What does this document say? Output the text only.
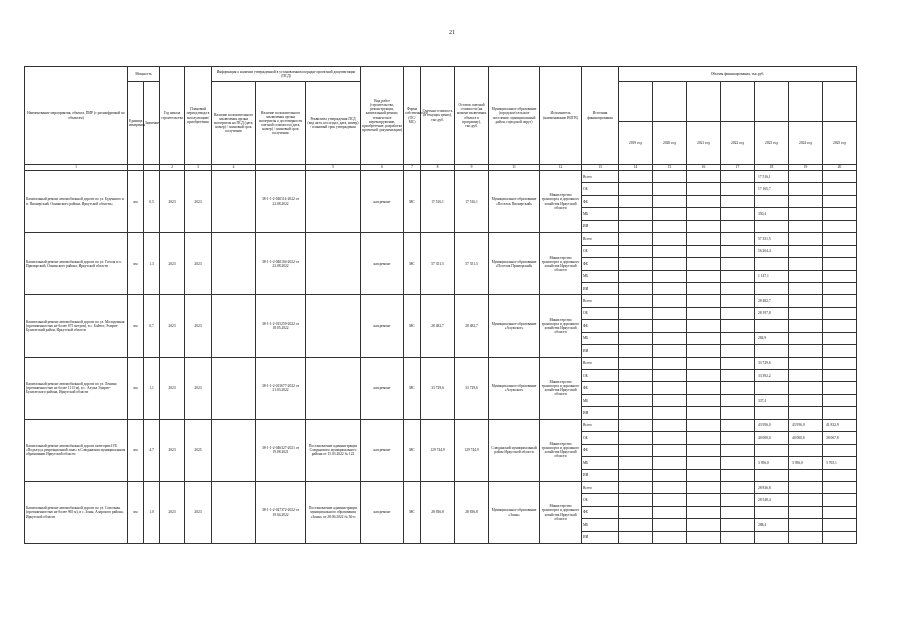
21
Наименование мероприятия, объекта, ПИР (с расшифровкой по объектам)	Мощность		Год начала строительства	Плановый период ввода в эксплуатацию/приобретения	Информация о наличии утвержденной в установленном порядке проектной документации (ПСД)			Вид работ (строительство, реконструкция, капитальный ремонт, техническое перевооружение, приобретение, разработка проектной документации)	Форма собственности (ОС/МС)	Сметная стоимость (в текущих ценах), тыс.руб.	Остаток сметной стоимости (на момент включения объекта в программу), тыс.руб.	Муниципальное образование (городское/сельское поселение, муниципальный район, городской округ)	Исполнитель (наименование ИОГВ)	Источник финансирования	Объемы финансирования, тыс.руб.						
	Единица измерения	Значение			Наличие положительного заключения органа экспертизы на ПСД (дата, номер) / плановый срок получения	Наличие положительного заключения органа экспертизы о достоверности сметной стоимости (дата, номер) / плановый срок получения	Реквизиты утверждения ПСД (вид акта, кто издал, дата, номер) / плановый срок утверждения														
															2019 год	2020 год	2021 год	2022 год	2023 год	2024 год	2025 год
1			2	3	4		5	6	7	8	9	11	12	13	14	15	16	17	18	19	20
Капитальный ремонт автомобильной дороги по ул. Буденного и п. Пионерский, Оснинского района, Иркутской области»	км	0,5	2023	2023		38-1-1-2-040114-2022 от 22.08.2022		кап.ремонт	МС	17 516,1	17 516,1	Муниципальное образование «Поселок Пионерский»	Министерство транспорта и дорожного хозяйства Иркутской области	Всего					17 516,1		
														ОБ					17 165,7		
														ФБ							
														МБ					350,4		
														ИИ							
Капитальный ремонт автомобильной дороги по ул. Гоголя в п. Приморский, Оснинского района, Иркутской области	км	1,3	2023	2023		38-1-1-2-040104-2022 от 22.08.2022		кап.ремонт	МС	57 351,5	57 351,5	Муниципальное образование «Поселок Приморский»	Министерство транспорта и дорожного хозяйства Иркутской области	Всего					57 351,5		
														ОБ					56 204,4		
														ФБ							
														МБ					1 147,1		
														ИИ							
Капитальный ремонт автомобильной дороги по ул. Молодежная (протяженностью не более 675 метров), в с. Байтог, Эхирит-Булагатский район, Иркутской области	км	0,7	2023	2023		38-1-1-2-015259-2022 от 18.05.2022		кап.ремонт	МС	28 482,7	28 482,7	Муниципальное образование «Алужское»	Министерство транспорта и дорожного хозяйства Иркутской области	Всего					28 482,7		
														ОБ					28 197,8		
														ФБ							
														МБ					284,9		
														ИИ							
Капитальный ремонт автомобильной дороги по ул. Ленина (протяженностью не более 1113 м), в с. Алужа Эхирит-Булагатского района, Иркутской области	км	1,1	2023	2023		38-1-1-2-013677-2022 от 21.03.2022		кап.ремонт	МС	33 729,6	33 729,6	Муниципальное образование «Алужское»	Министерство транспорта и дорожного хозяйства Иркутской области	Всего					33 729,6		
														ОБ					33 392,2		
														ФБ							
														МБ					337,4		
														ИИ							
Капитальный ремонт автомобильной дороги категории IVБ «Подъезд к рекреационной зоне» в Слюдянском муниципальном образовании Иркутской области	км	4,7	2023	2025		38-1-1-2-046327-2021 от 19.08.2021	Постановление администрации Слюдянского муниципального района от 15.03.2022 № 122	кап.ремонт	МС	129 744,9	129 744,9	Слюдянский муниципальный район Иркутской области	Министерство транспорта и дорожного хозяйства Иркутской области	Всего					43 956,0	43 956,0	41 832,9
														ОБ					40 000,0	40 000,0	38 067,8
														ФБ							
														МБ					3 956,0	3 956,0	3 765,1
														ИИ							
Капитальный ремонт автомобильной дороги по ул. Сопочная (протяженностью не более 965 м), в с. Зоны, Аларского района, Иркутской области	км	1,0	2023	2023		38-1-1-2-027372-2022 от 19.04.2022	Постановление администрации муниципального образования «Зоны» от 28.06.2022 № 36-п	кап.ремонт	МС	28 836,8	28 836,8	Муниципальное образование «Зоны»	Министерство транспорта и дорожного хозяйства Иркутской области	Всего					28 836,8		
														ОБ					28 548,4		
														ФБ							
														МБ					288,4		
														ИИ							
